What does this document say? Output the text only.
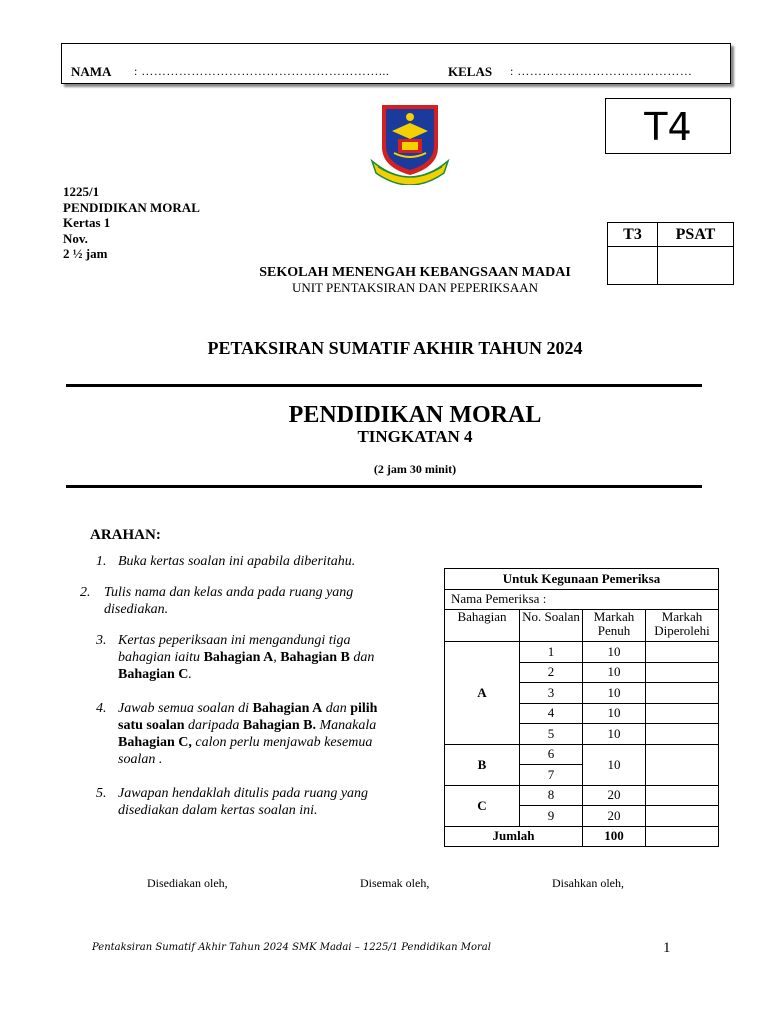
NAMA : …………………………………………………...	KELAS : ……………………………………
T4
1225/1
PENDIDIKAN MORAL
Kertas 1
Nov.
2 ½ jam
T3	PSAT

SEKOLAH MENENGAH KEBANGSAAN MADAI
UNIT PENTAKSIRAN DAN PEPERIKSAAN
PETAKSIRAN SUMATIF AKHIR TAHUN 2024
PENDIDIKAN MORAL
TINGKATAN 4
(2 jam 30 minit)
ARAHAN:
1. Buka kertas soalan ini apabila diberitahu.
2. Tulis nama dan kelas anda pada ruang yang disediakan.
3. Kertas peperiksaan ini mengandungi tiga bahagian iaitu Bahagian A, Bahagian B dan Bahagian C.
4. Jawab semua soalan di Bahagian A dan pilih satu soalan daripada Bahagian B. Manakala Bahagian C, calon perlu menjawab kesemua soalan .
5. Jawapan hendaklah ditulis pada ruang yang disediakan dalam kertas soalan ini.
Untuk Kegunaan Pemeriksa			
Nama Pemeriksa :			
Bahagian	No. Soalan	Markah Penuh	Markah Diperolehi
A	1	10	
	2	10	
	3	10	
	4	10	
	5	10	
B	6	10	
	7		
C	8	20	
	9	20	
Jumlah		100	
Disediakan oleh,	Disemak oleh,	Disahkan oleh,
Pentaksiran Sumatif Akhir Tahun 2024 SMK Madai – 1225/1 Pendidikan Moral	1
